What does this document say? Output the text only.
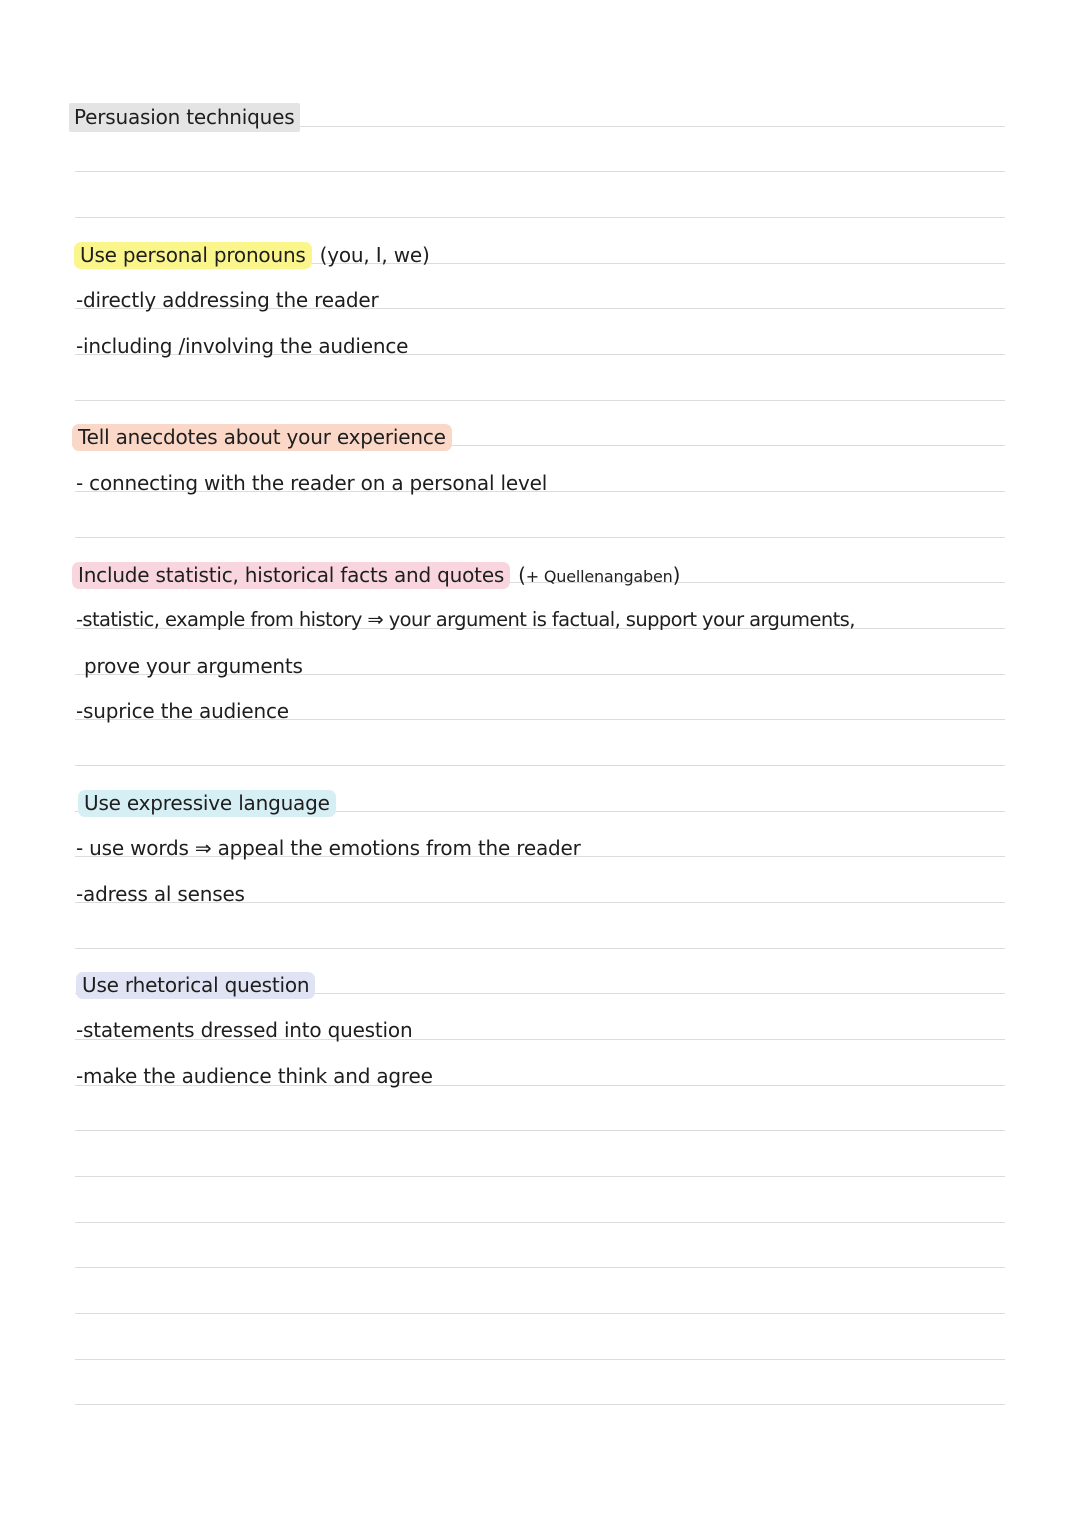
Persuasion techniques
Use personal pronouns (you, I, we)
-directly addressing the reader
-including /involving the audience
Tell anecdotes about your experience
- connecting with the reader on a personal level
Include statistic, historical facts and quotes (+ Quellenangaben)
-statistic, example from history ⇒ your argument is factual, support your arguments,
prove your arguments
-suprice the audience
Use expressive language
- use words ⇒ appeal the emotions from the reader
-adress al senses
Use rhetorical question
-statements dressed into question
-make the audience think and agree
